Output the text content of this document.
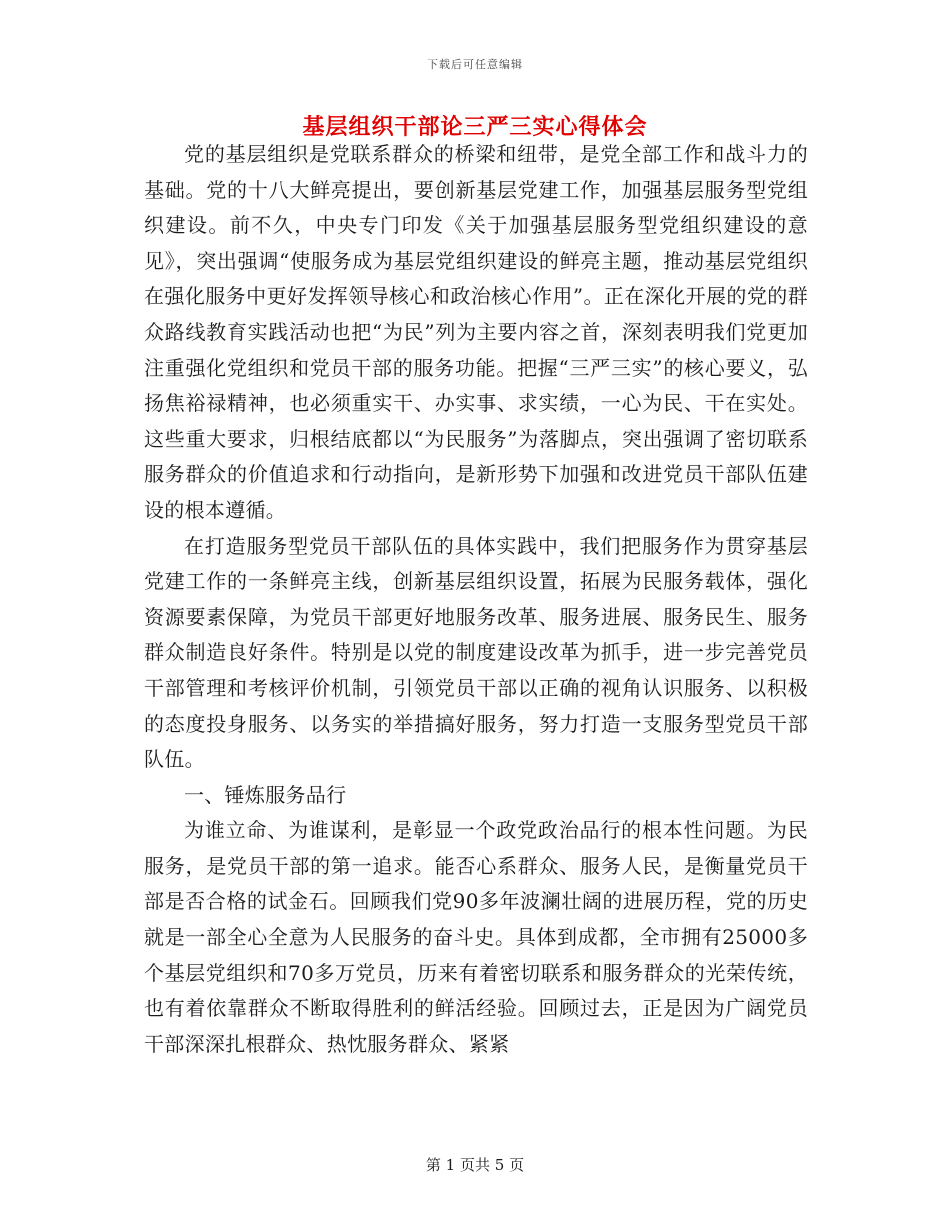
下载后可任意编辑
基层组织干部论三严三实心得体会

党的基层组织是党联系群众的桥梁和纽带，是党全部工作和战斗力的基础。党的十八大鲜亮提出，要创新基层党建工作，加强基层服务型党组织建设。前不久，中央专门印发《关于加强基层服务型党组织建设的意见》，突出强调“使服务成为基层党组织建设的鲜亮主题，推动基层党组织在强化服务中更好发挥领导核心和政治核心作用”。正在深化开展的党的群众路线教育实践活动也把“为民”列为主要内容之首，深刻表明我们党更加注重强化党组织和党员干部的服务功能。把握“三严三实”的核心要义，弘扬焦裕禄精神，也必须重实干、办实事、求实绩，一心为民、干在实处。这些重大要求，归根结底都以“为民服务”为落脚点，突出强调了密切联系服务群众的价值追求和行动指向，是新形势下加强和改进党员干部队伍建设的根本遵循。

在打造服务型党员干部队伍的具体实践中，我们把服务作为贯穿基层党建工作的一条鲜亮主线，创新基层组织设置，拓展为民服务载体，强化资源要素保障，为党员干部更好地服务改革、服务进展、服务民生、服务群众制造良好条件。特别是以党的制度建设改革为抓手，进一步完善党员干部管理和考核评价机制，引领党员干部以正确的视角认识服务、以积极的态度投身服务、以务实的举措搞好服务，努力打造一支服务型党员干部队伍。

一、锤炼服务品行

为谁立命、为谁谋利，是彰显一个政党政治品行的根本性问题。为民服务，是党员干部的第一追求。能否心系群众、服务人民，是衡量党员干部是否合格的试金石。回顾我们党90多年波澜壮阔的进展历程，党的历史就是一部全心全意为人民服务的奋斗史。具体到成都，全市拥有25000多个基层党组织和70多万党员，历来有着密切联系和服务群众的光荣传统，也有着依靠群众不断取得胜利的鲜活经验。回顾过去，正是因为广阔党员干部深深扎根群众、热忱服务群众、紧紧

第 1 页共 5 页
